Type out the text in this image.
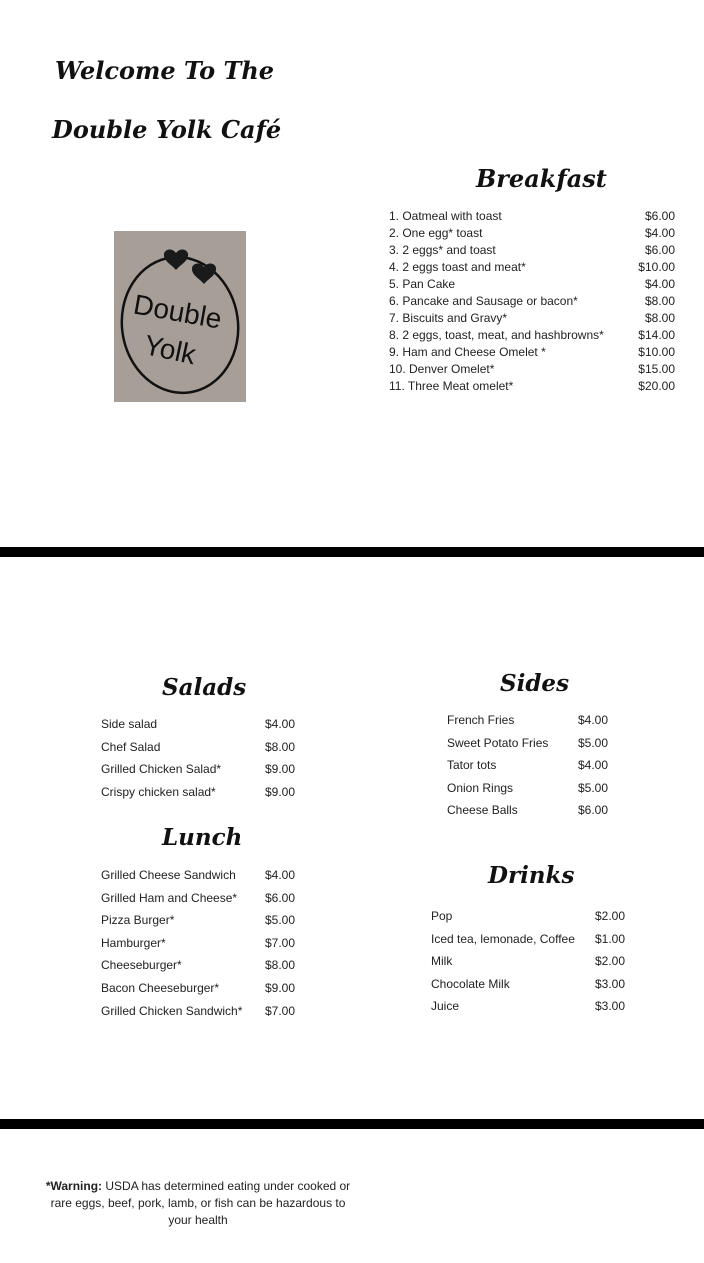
Welcome To The
Double Yolk Café
Double
Yolk
Breakfast
1. Oatmeal with toast	$6.00
2. One egg* toast	$4.00
3. 2 eggs* and toast	$6.00
4. 2 eggs toast and meat*	$10.00
5. Pan Cake	$4.00
6. Pancake and Sausage or bacon*	$8.00
7. Biscuits and Gravy*	$8.00
8. 2 eggs, toast, meat, and hashbrowns*	$14.00
9. Ham and Cheese Omelet *	$10.00
10. Denver Omelet*	$15.00
11. Three Meat omelet*	$20.00
Salads
Side salad	$4.00
Chef Salad	$8.00
Grilled Chicken Salad*	$9.00
Crispy chicken salad*	$9.00
Sides
French Fries	$4.00
Sweet Potato Fries $5.00
Tator tots	$4.00
Onion Rings	$5.00
Cheese Balls	$6.00
Lunch
Grilled Cheese Sandwich $4.00
Grilled Ham and Cheese* $6.00
Pizza Burger*	$5.00
Hamburger*	$7.00
Cheeseburger*	$8.00
Bacon Cheeseburger*	$9.00
Grilled Chicken Sandwich* $7.00
Drinks
Pop	$2.00
Iced tea, lemonade, Coffee $1.00
Milk	$2.00
Chocolate Milk	$3.00
Juice	$3.00
*Warning: USDA has determined eating under cooked or rare eggs, beef, pork, lamb, or fish can be hazardous to your health
